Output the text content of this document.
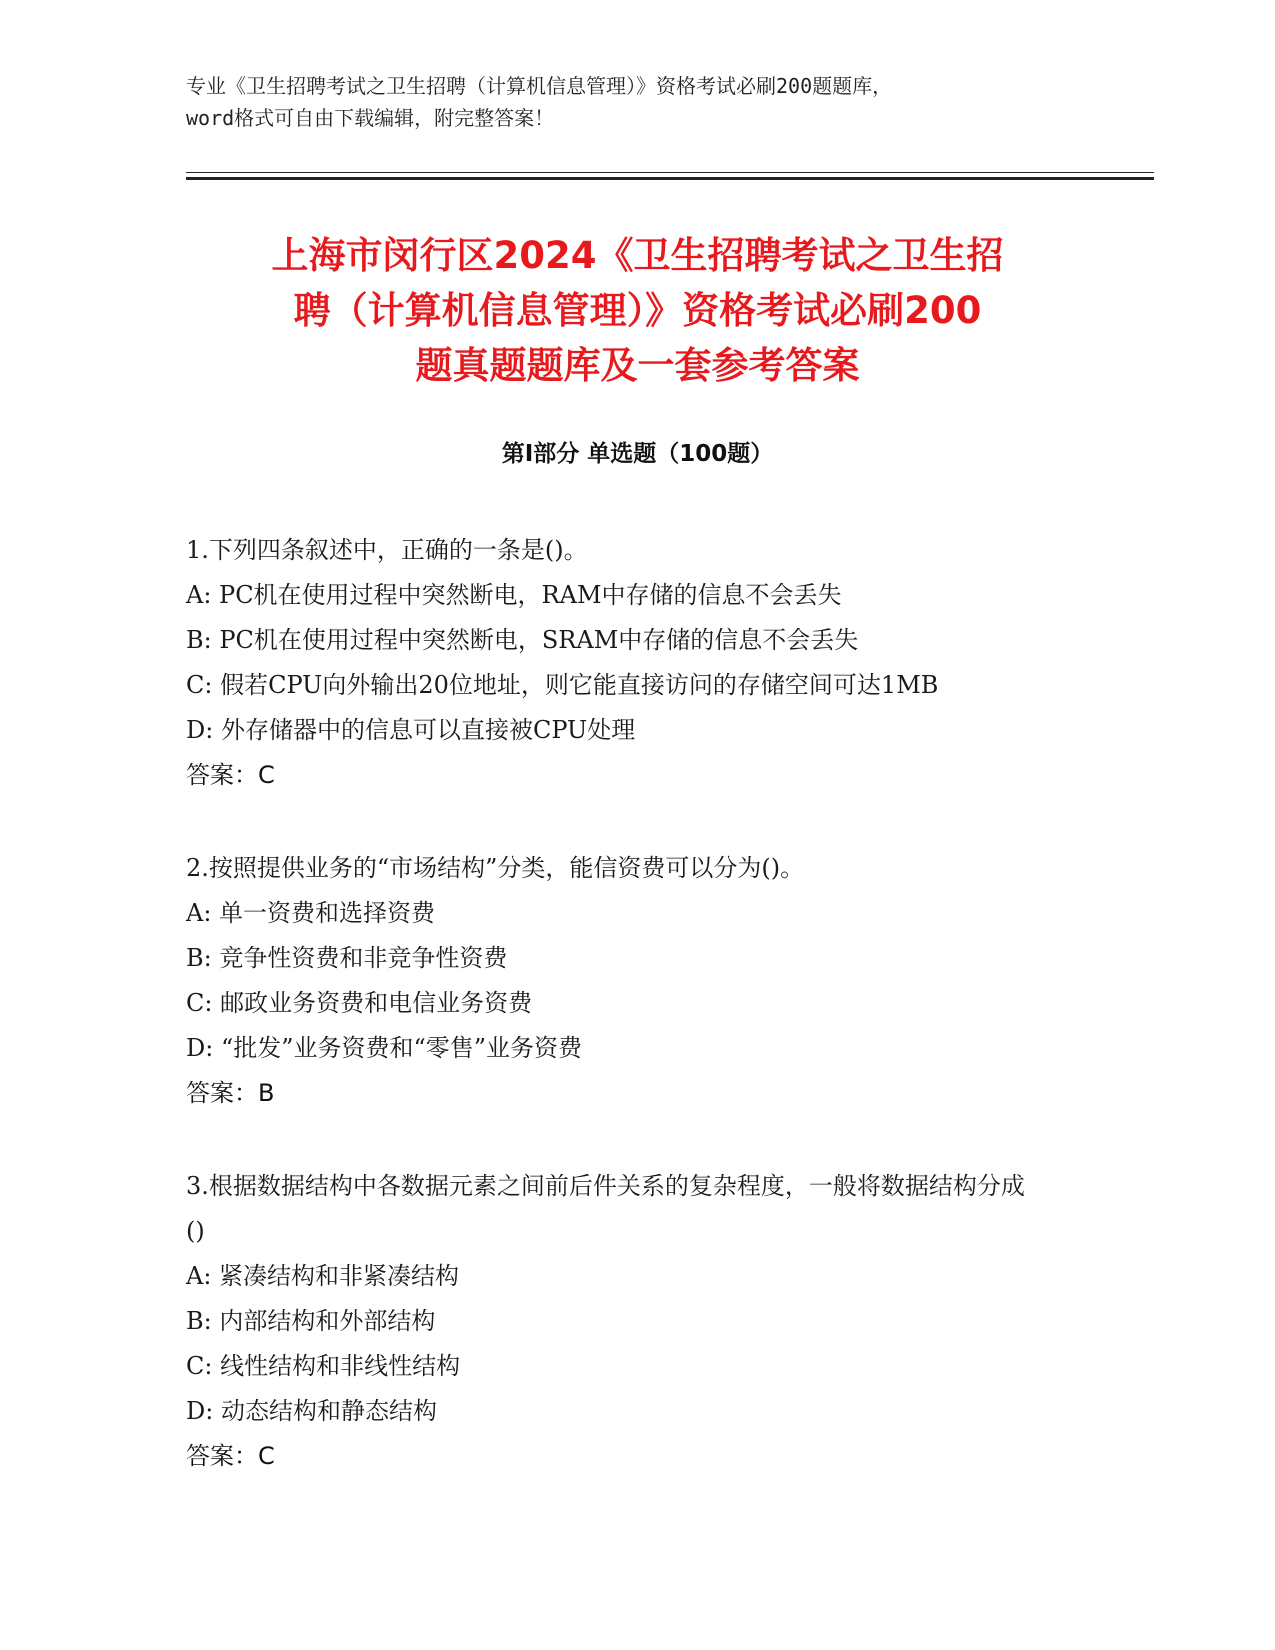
专业《卫生招聘考试之卫生招聘（计算机信息管理）》资格考试必刷200题题库，
word格式可自由下载编辑，附完整答案！
上海市闵行区2024《卫生招聘考试之卫生招
聘（计算机信息管理）》资格考试必刷200
题真题题库及一套参考答案
第Ⅰ部分 单选题（100题）
1.下列四条叙述中，正确的一条是()。
A: PC机在使用过程中突然断电，RAM中存储的信息不会丢失
B: PC机在使用过程中突然断电，SRAM中存储的信息不会丢失
C: 假若CPU向外输出20位地址，则它能直接访问的存储空间可达1MB
D: 外存储器中的信息可以直接被CPU处理
答案：C
2.按照提供业务的“市场结构”分类，能信资费可以分为()。
A: 单一资费和选择资费
B: 竞争性资费和非竞争性资费
C: 邮政业务资费和电信业务资费
D: “批发”业务资费和“零售”业务资费
答案：B
3.根据数据结构中各数据元素之间前后件关系的复杂程度，一般将数据结构分成()
A: 紧凑结构和非紧凑结构
B: 内部结构和外部结构
C: 线性结构和非线性结构
D: 动态结构和静态结构
答案：C
